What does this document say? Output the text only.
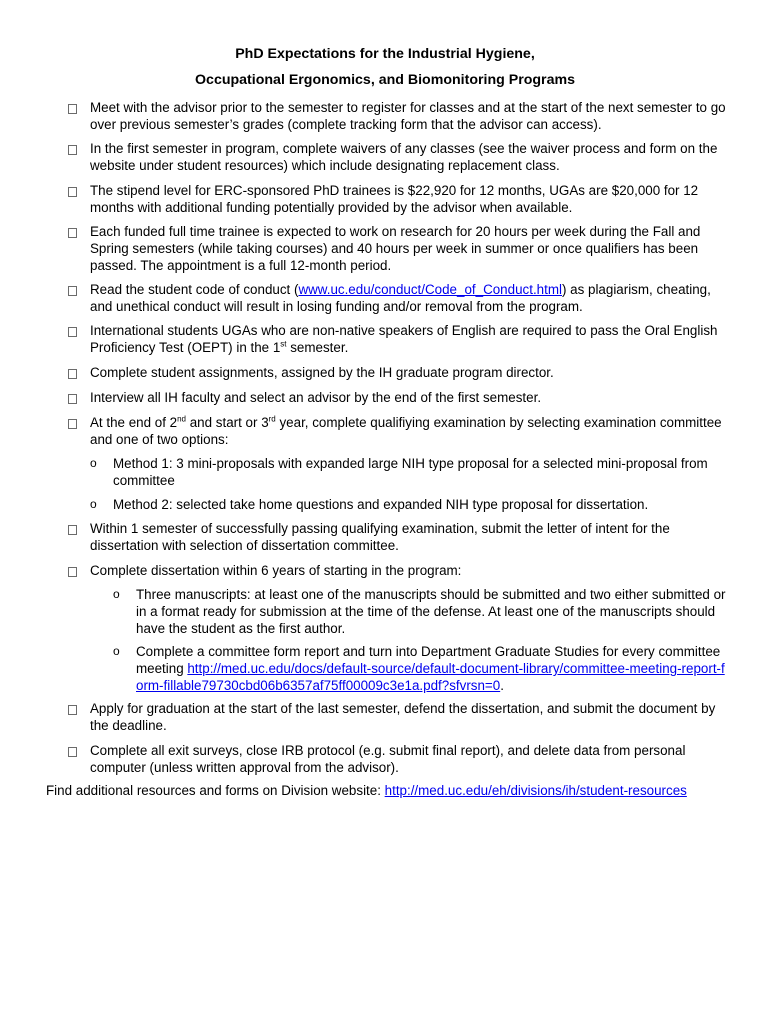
PhD Expectations for the Industrial Hygiene,
Occupational Ergonomics, and Biomonitoring Programs
Meet with the advisor prior to the semester to register for classes and at the start of the next semester to go over previous semester’s grades (complete tracking form that the advisor can access).
In the first semester in program, complete waivers of any classes (see the waiver process and form on the website under student resources) which include designating replacement class.
The stipend level for ERC-sponsored PhD trainees is $22,920 for 12 months, UGAs are $20,000 for 12 months with additional funding potentially provided by the advisor when available.
Each funded full time trainee is expected to work on research for 20 hours per week during the Fall and Spring semesters (while taking courses) and 40 hours per week in summer or once qualifiers has been passed. The appointment is a full 12-month period.
Read the student code of conduct (www.uc.edu/conduct/Code_of_Conduct.html) as plagiarism, cheating, and unethical conduct will result in losing funding and/or removal from the program.
International students UGAs who are non-native speakers of English are required to pass the Oral English Proficiency Test (OEPT) in the 1st semester.
Complete student assignments, assigned by the IH graduate program director.
Interview all IH faculty and select an advisor by the end of the first semester.
At the end of 2nd and start or 3rd year, complete qualifiying examination by selecting examination committee and one of two options:
o Method 1: 3 mini-proposals with expanded large NIH type proposal for a selected mini-proposal from committee
o Method 2: selected take home questions and expanded NIH type proposal for dissertation.
Within 1 semester of successfully passing qualifying examination, submit the letter of intent for the dissertation with selection of dissertation committee.
Complete dissertation within 6 years of starting in the program:
o Three manuscripts: at least one of the manuscripts should be submitted and two either submitted or in a format ready for submission at the time of the defense. At least one of the manuscripts should have the student as the first author.
o Complete a committee form report and turn into Department Graduate Studies for every committee meeting http://med.uc.edu/docs/default-source/default-document-library/committee-meeting-report-form-fillable79730cbd06b6357af75ff00009c3e1a.pdf?sfvrsn=0.
Apply for graduation at the start of the last semester, defend the dissertation, and submit the document by the deadline.
Complete all exit surveys, close IRB protocol (e.g. submit final report), and delete data from personal computer (unless written approval from the advisor).
Find additional resources and forms on Division website: http://med.uc.edu/eh/divisions/ih/student-resources
